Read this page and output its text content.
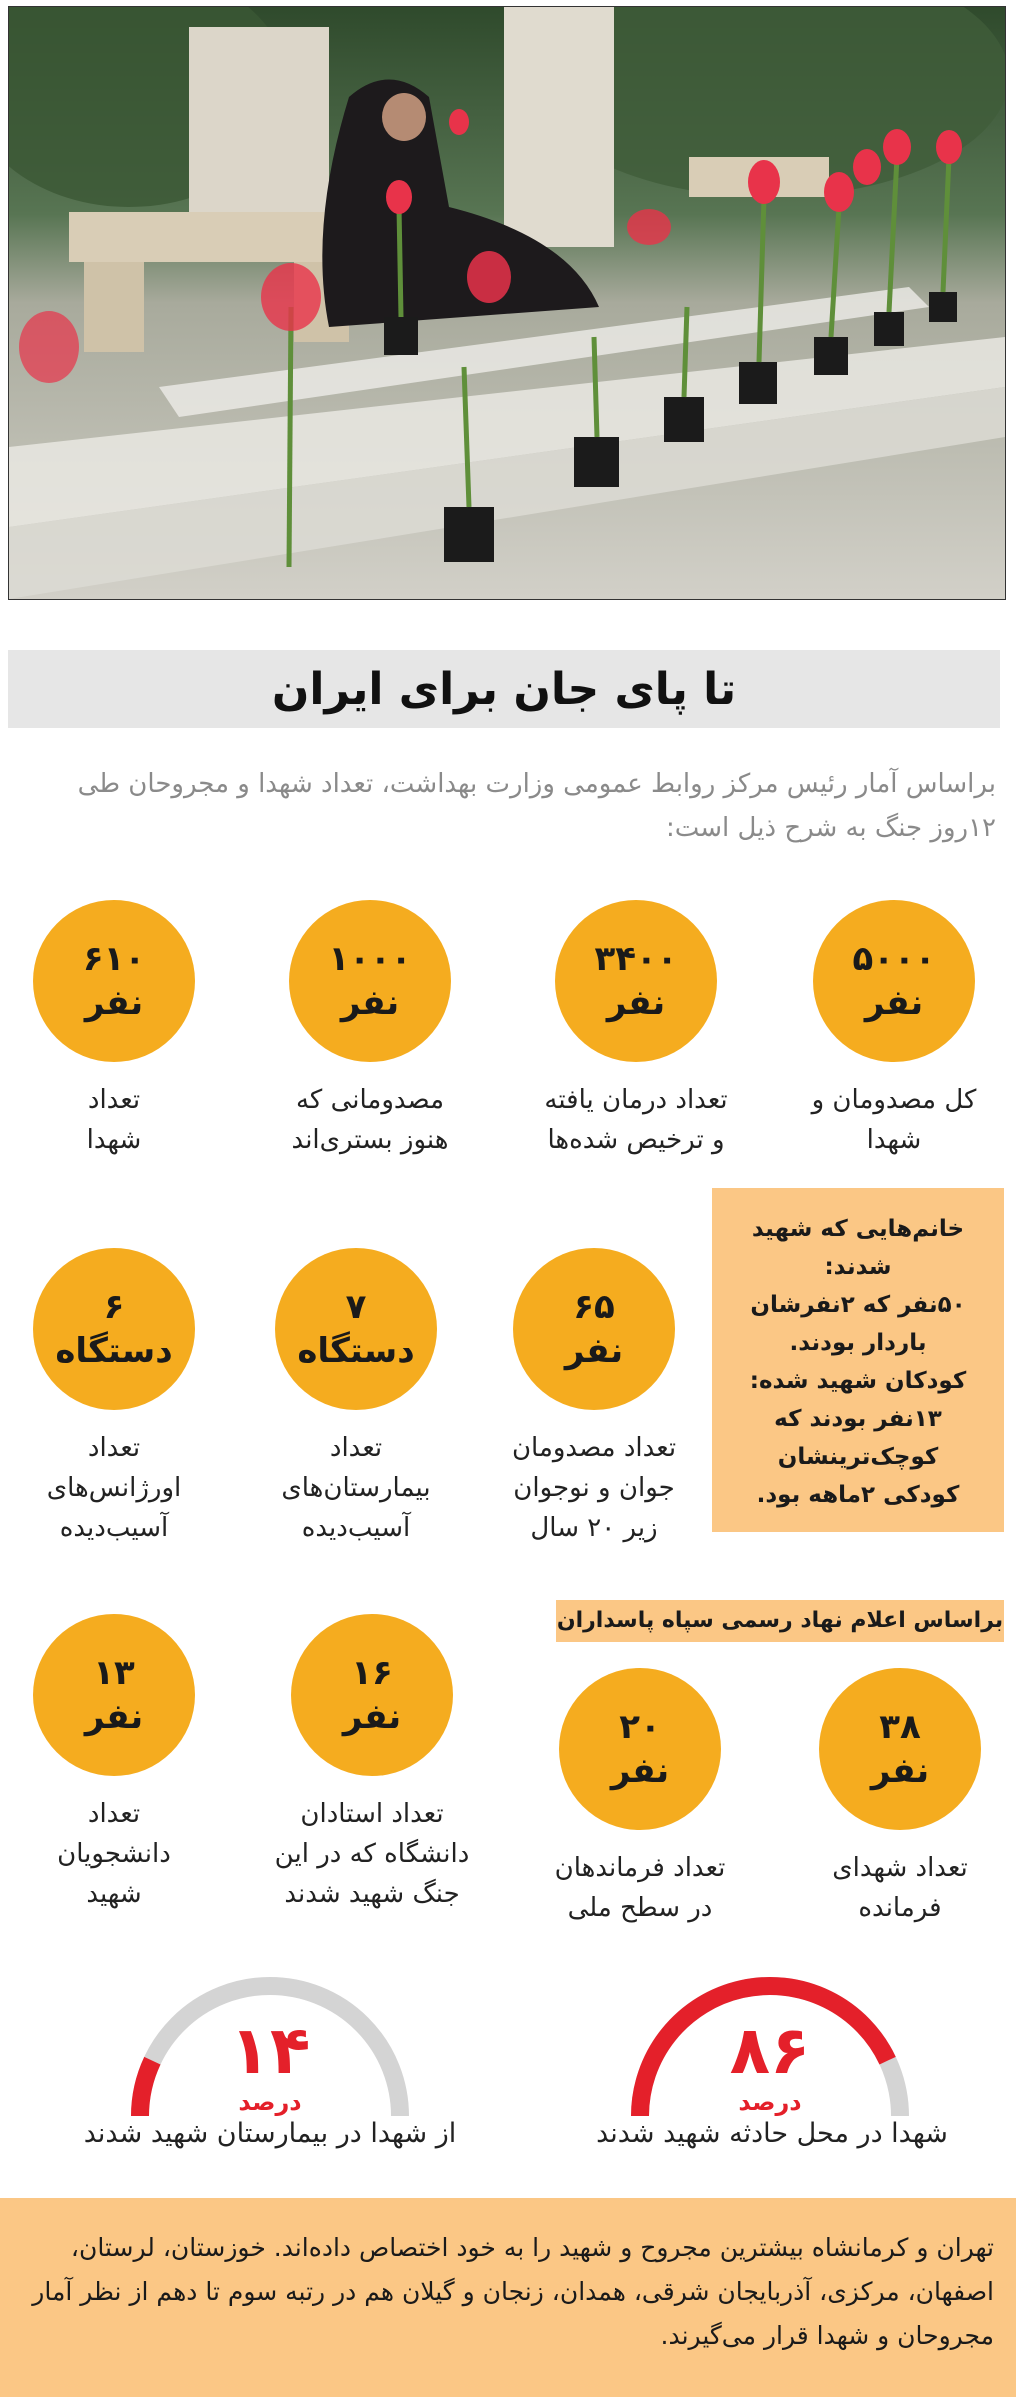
تا پای جان برای ایران
براساس آمار رئیس مرکز روابط عمومی وزارت بهداشت، تعداد شهدا و مجروحان طی ۱۲روز جنگ به شرح ذیل است:
۵۰۰۰
نفر
کل مصدومان و
شهدا
۳۴۰۰
نفر
تعداد درمان یافته
و ترخیص شده‌ها
۱۰۰۰
نفر
مصدومانی که
هنوز بستری‌اند
۶۱۰
نفر
تعداد
شهدا
خانم‌هایی که شهید
شدند:
۵۰نفر که ۲نفرشان
باردار بودند.
کودکان شهید شده:
۱۳نفر بودند که
کوچک‌ترینشان
کودکی ۲ماهه بود.
۶۵
نفر
تعداد مصدومان
جوان و نوجوان
زیر ۲۰ سال
۷
دستگاه
تعداد
بیمارستان‌های
آسیب‌دیده
۶
دستگاه
تعداد
اورژانس‌های
آسیب‌دیده
براساس اعلام نهاد رسمی سپاه پاسداران
۳۸
نفر
تعداد شهدای
فرمانده
۲۰
نفر
تعداد فرماندهان
در سطح ملی
۱۶
نفر
تعداد استادان
دانشگاه که در این
جنگ شهید شدند
۱۳
نفر
تعداد
دانشجویان
شهید
۸۶
درصد
شهدا در محل حادثه شهید شدند
۱۴
درصد
از شهدا در بیمارستان شهید شدند
تهران و کرمانشاه بیشترین مجروح و شهید را به خود اختصاص داده‌اند. خوزستان، لرستان، اصفهان، مرکزی، آذربایجان شرقی، همدان، زنجان و گیلان هم در رتبه سوم تا دهم از نظر آمار مجروحان و شهدا قرار می‌گیرند.
